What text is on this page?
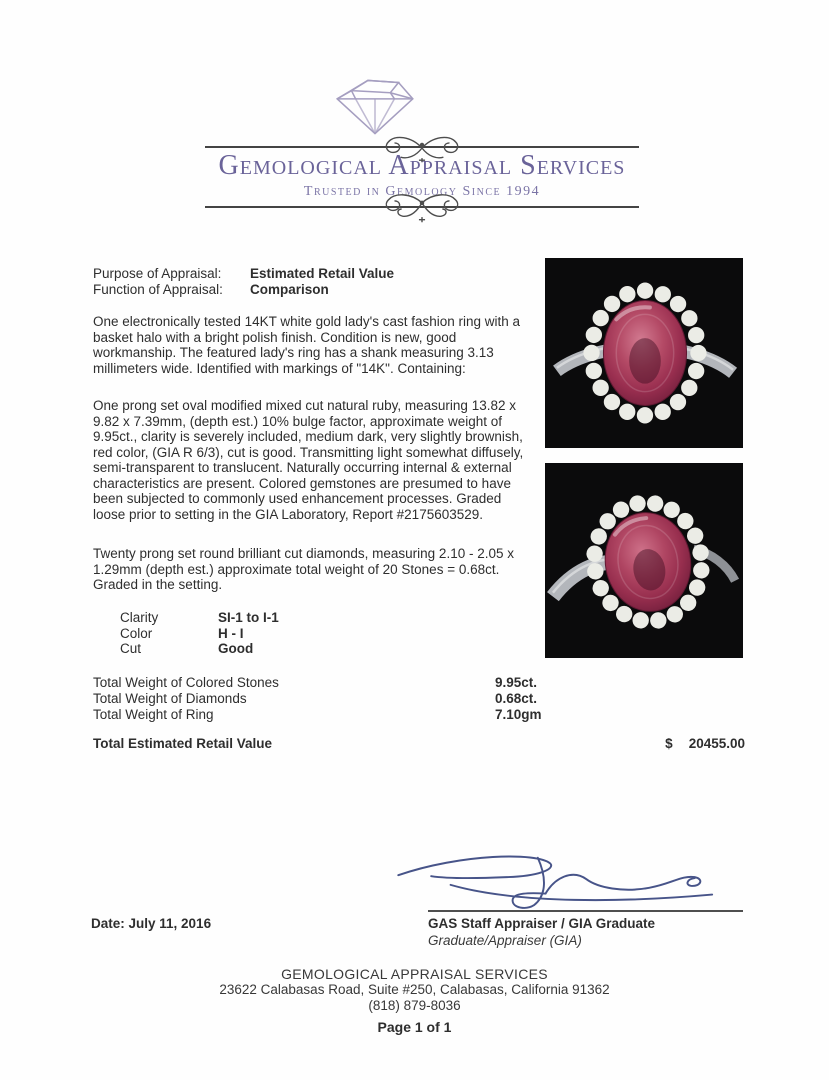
Gemological Appraisal Services
Trusted in Gemology Since 1994
Purpose of Appraisal:	Estimated Retail Value
Function of Appraisal:	Comparison
One electronically tested 14KT white gold lady's cast fashion ring with a basket halo with a bright polish finish. Condition is new, good workmanship. The featured lady's ring has a shank measuring 3.13 millimeters wide. Identified with markings of "14K". Containing:
One prong set oval modified mixed cut natural ruby, measuring 13.82 x 9.82 x 7.39mm, (depth est.) 10% bulge factor, approximate weight of 9.95ct., clarity is severely included, medium dark, very slightly brownish, red color, (GIA R 6/3), cut is good. Transmitting light somewhat diffusely, semi-transparent to translucent. Naturally occurring internal & external characteristics are present. Colored gemstones are presumed to have been subjected to commonly used enhancement processes. Graded loose prior to setting in the GIA Laboratory, Report #2175603529.
Twenty prong set round brilliant cut diamonds, measuring 2.10 - 2.05 x 1.29mm (depth est.) approximate total weight of 20 Stones = 0.68ct. Graded in the setting.
Clarity	SI-1 to I-1
Color	H - I
Cut	Good
Total Weight of Colored Stones	9.95ct.
Total Weight of Diamonds	0.68ct.
Total Weight of Ring	7.10gm
Total Estimated Retail Value	$ 20455.00
Date: July 11, 2016	GAS Staff Appraiser / GIA Graduate
Graduate/Appraiser (GIA)
GEMOLOGICAL APPRAISAL SERVICES
23622 Calabasas Road, Suite #250, Calabasas, California 91362
(818) 879-8036
Page 1 of 1
